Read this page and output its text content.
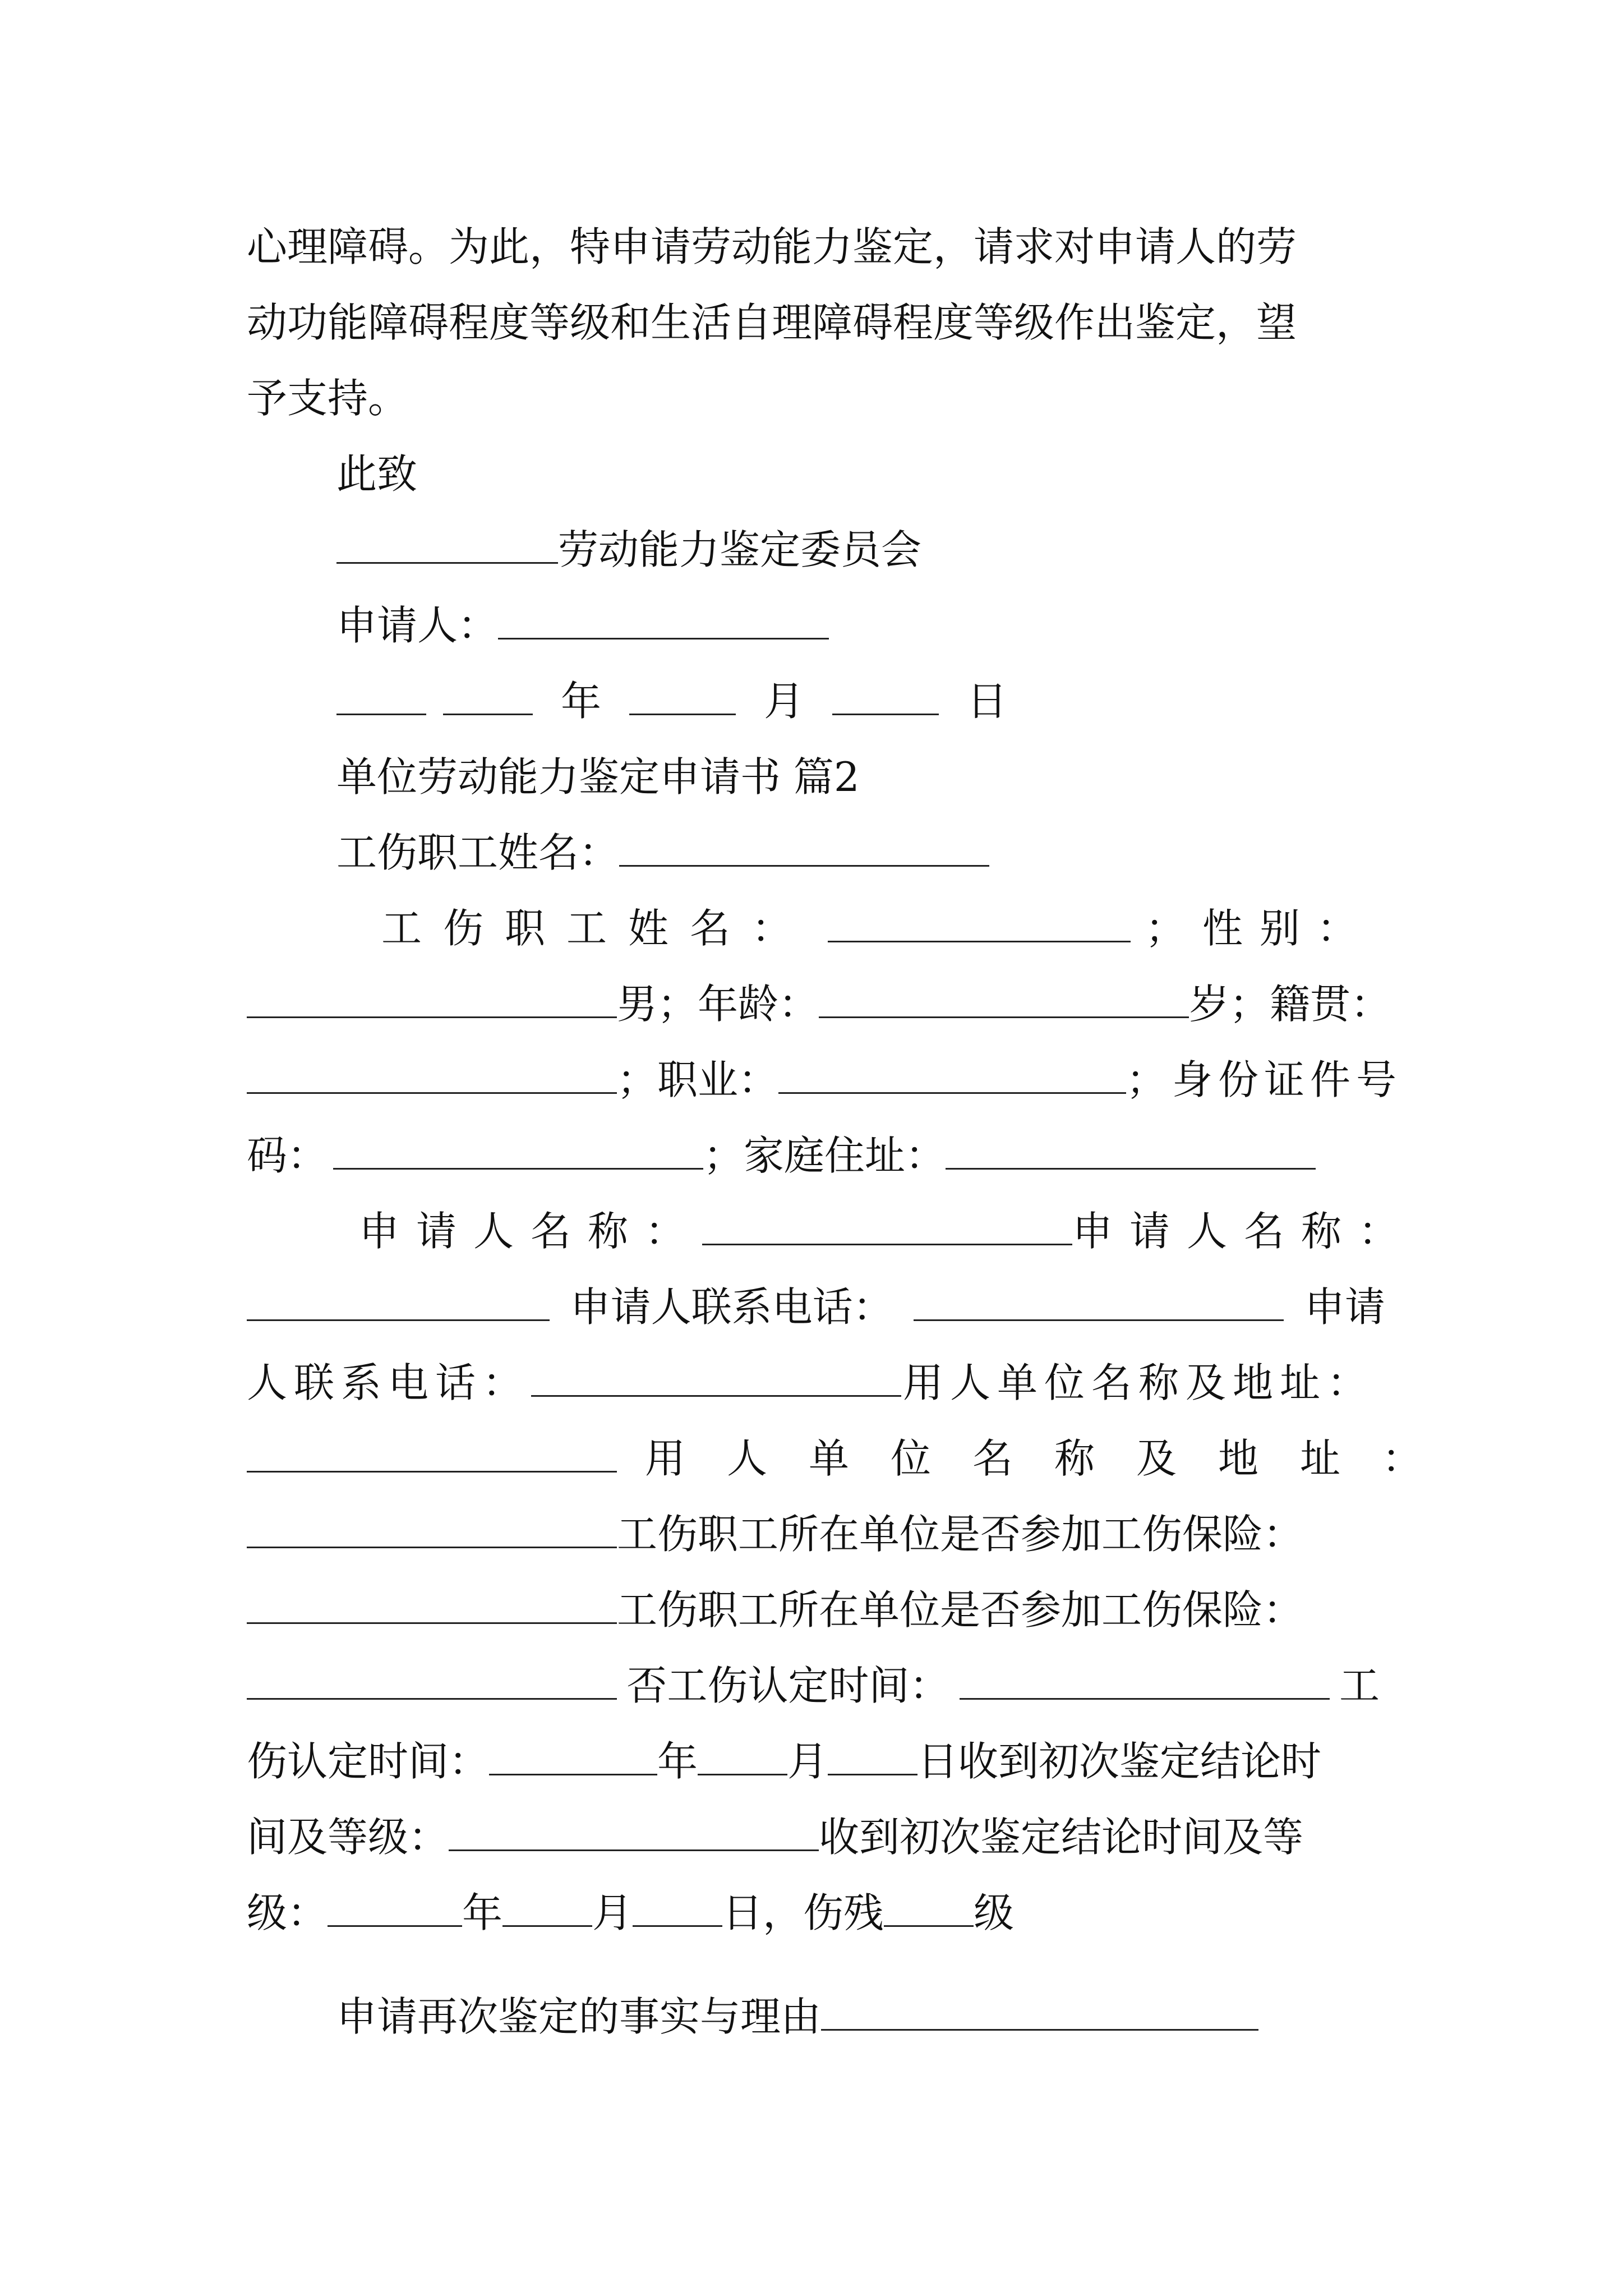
心理障碍。为此，特申请劳动能力鉴定，请求对申请人的劳
动功能障碍程度等级和生活自理障碍程度等级作出鉴定，望
予支持。
此致
劳动能力鉴定委员会
申请人：
年	月	日
单位劳动能力鉴定申请书 篇2
工伤职工姓名：
工伤职工姓名：	；性别：
男；年龄：	岁；籍贯：
；职业：	；身份证件号
码：	；家庭住址：
申请人名称：	申请人名称：
申请人联系电话：	申请
人联系电话：	用人单位名称及地址：
用人单位名称及地址：
工伤职工所在单位是否参加工伤保险：
工伤职工所在单位是否参加工伤保险：
否工伤认定时间：	工
伤认定时间：	年 月 日收到初次鉴定结论时
间及等级：	收到初次鉴定结论时间及等
级：	年 月 日，伤残 级
申请再次鉴定的事实与理由
